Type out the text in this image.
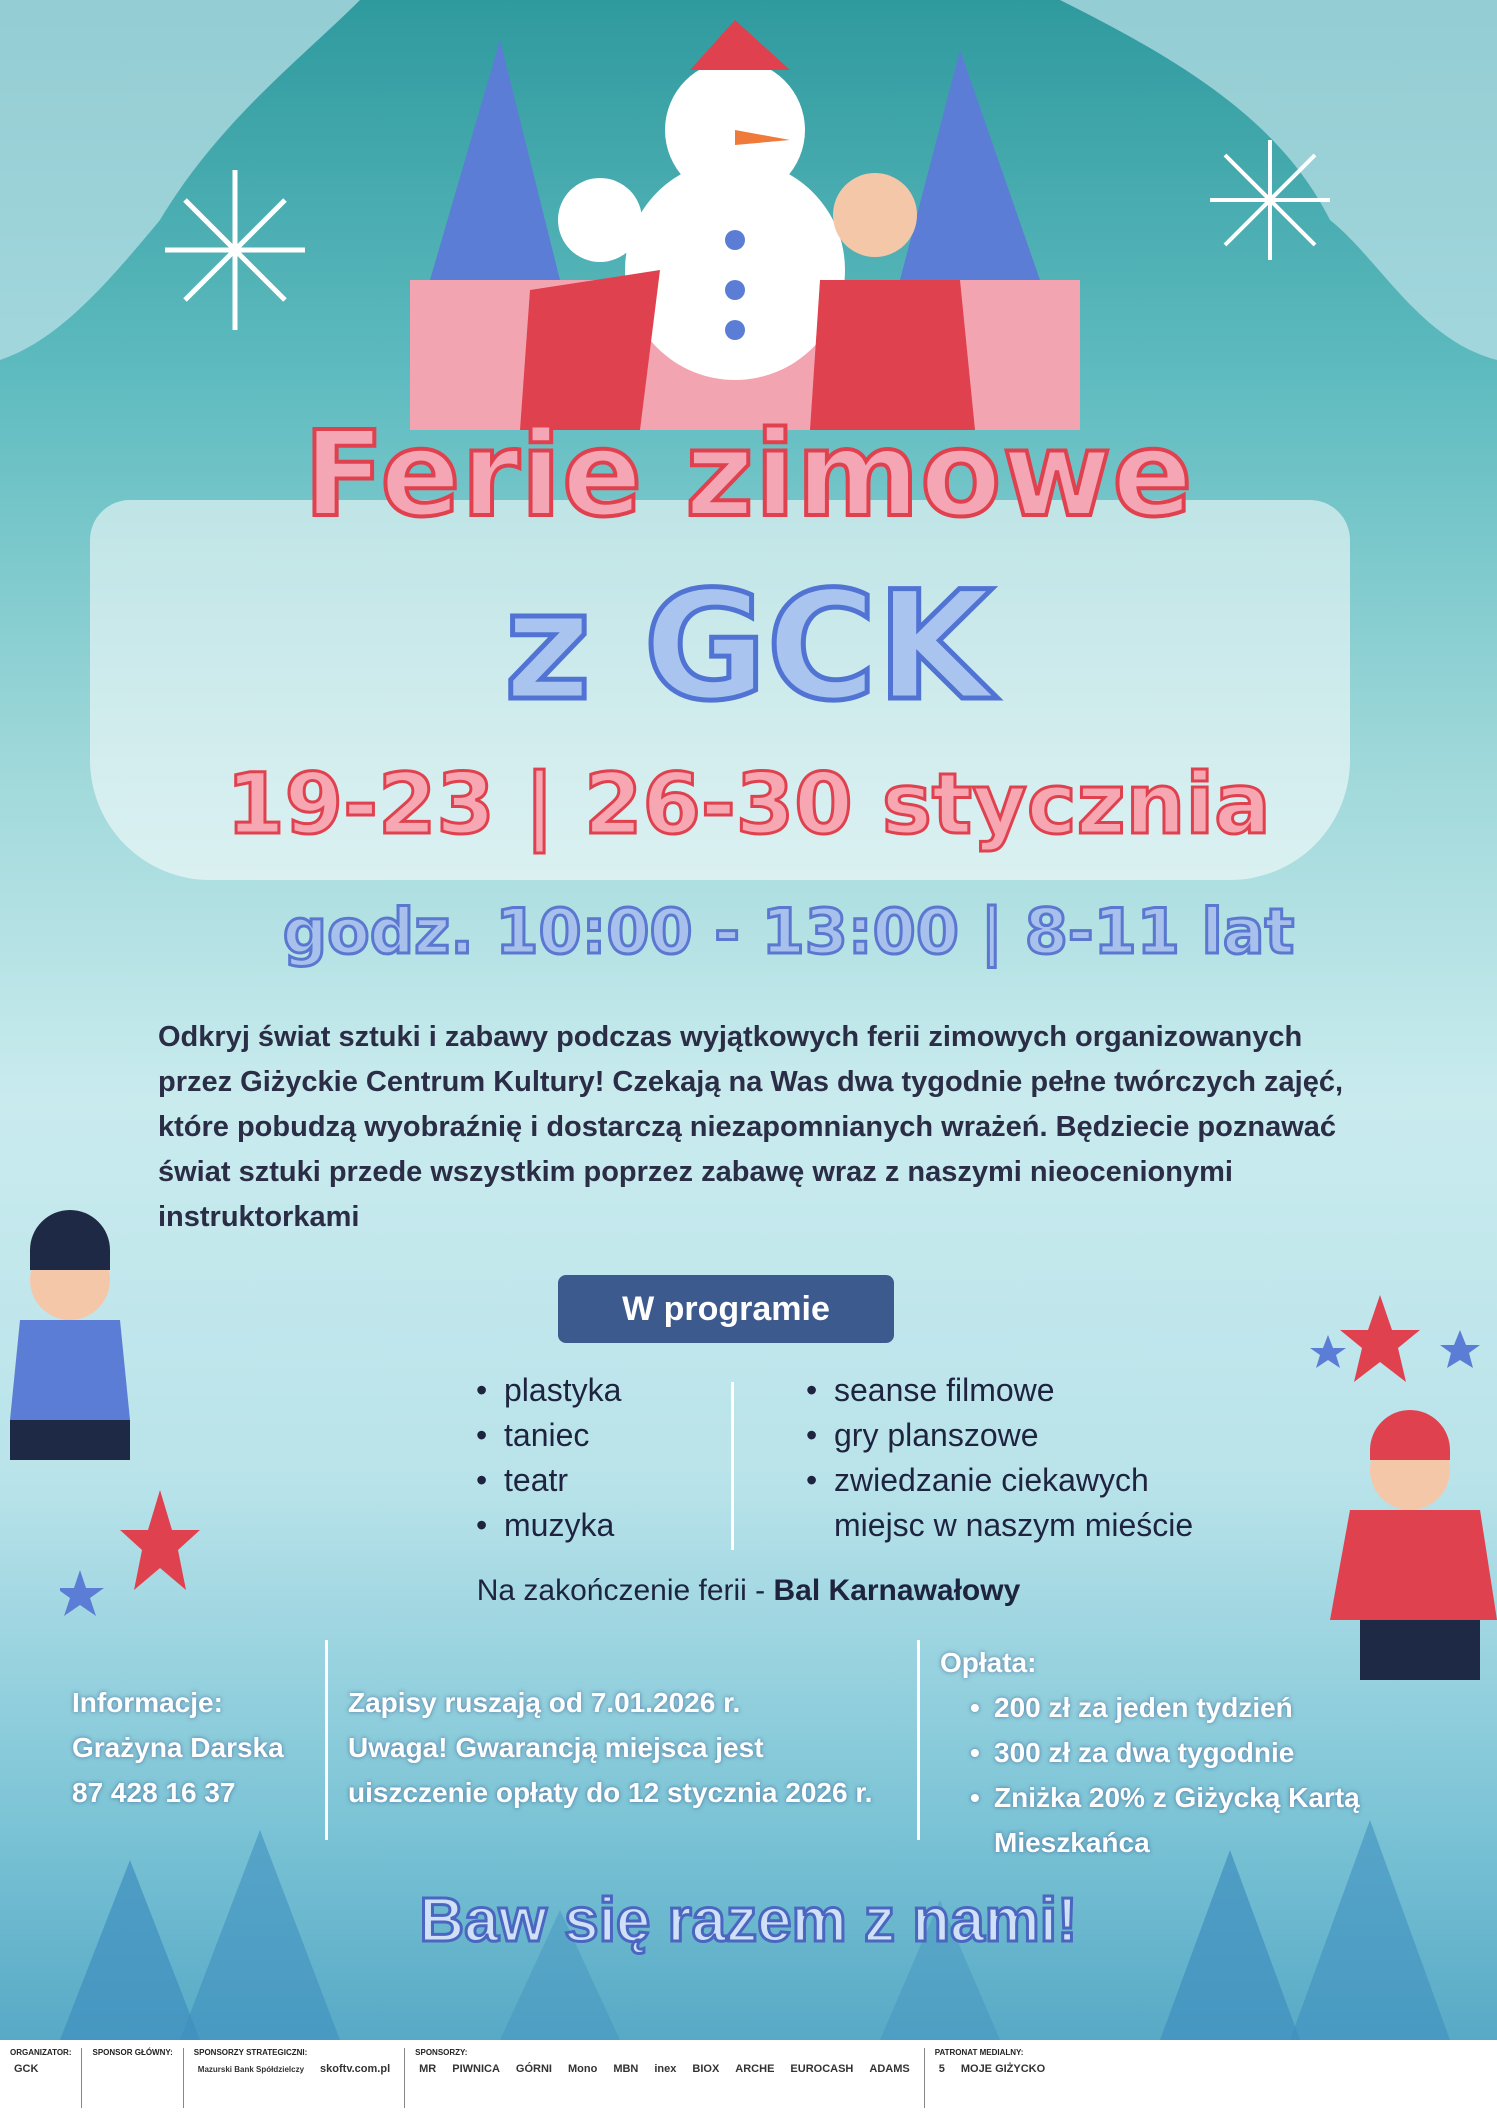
Ferie zimowe
z GCK
19-23 | 26-30 stycznia
godz. 10:00 - 13:00 | 8-11 lat

Odkryj świat sztuki i zabawy podczas wyjątkowych ferii zimowych organizowanych przez Giżyckie Centrum Kultury! Czekają na Was dwa tygodnie pełne twórczych zajęć, które pobudzą wyobraźnię i dostarczą niezapomnianych wrażeń. Będziecie poznawać świat sztuki przede wszystkim poprzez zabawę wraz z naszymi nieocenionymi instruktorkami

W programie
• plastyka
• taniec
• teatr
• muzyka
• seanse filmowe
• gry planszowe
• zwiedzanie ciekawych miejsc w naszym mieście
Na zakończenie ferii - Bal Karnawałowy
Informacje:
Grażyna Darska
87 428 16 37
Zapisy ruszają od 7.01.2026 r.
Uwaga! Gwarancją miejsca jest
uiszczenie opłaty do 12 stycznia 2026 r.
Opłata:
• 200 zł za jeden tydzień
• 300 zł za dwa tygodnie
• Zniżka 20% z Giżycką Kartą Mieszkańca
Baw się razem z nami!
ORGANIZATOR:
GCK
SPONSOR GŁÓWNY:	SPONSORZY STRATEGICZNI:
Mazurski Bank Spółdzielczy	skoftv.com.pl
SPONSORZY:
MR	PIWNICA	GÓRNI	Mono	MBN	inex	BIOX	ARCHE	EUROCASH	ADAMS
PATRONAT MEDIALNY:
5	MOJE GIŻYCKO
